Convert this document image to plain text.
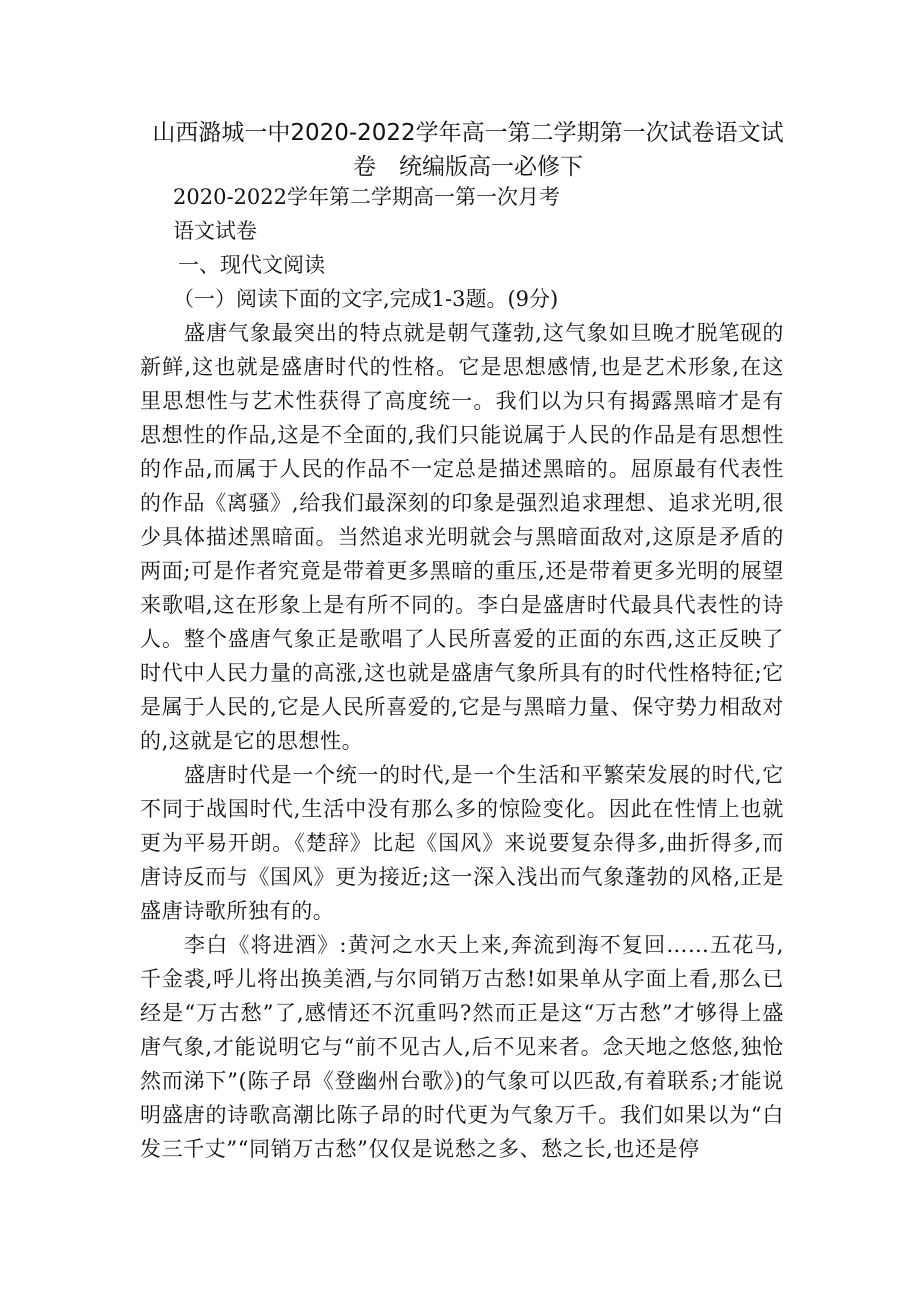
山西潞城一中2020-2022学年高一第二学期第一次试卷语文试卷　统编版高一必修下

2020-2022学年第二学期高一第一次月考

语文试卷

一、现代文阅读

（一）阅读下面的文字,完成1-3题。(9分)

盛唐气象最突出的特点就是朝气蓬勃,这气象如旦晚才脱笔砚的新鲜,这也就是盛唐时代的性格。它是思想感情,也是艺术形象,在这里思想性与艺术性获得了高度统一。我们以为只有揭露黑暗才是有思想性的作品,这是不全面的,我们只能说属于人民的作品是有思想性的作品,而属于人民的作品不一定总是描述黑暗的。屈原最有代表性的作品《离骚》,给我们最深刻的印象是强烈追求理想、追求光明,很少具体描述黑暗面。当然追求光明就会与黑暗面敌对,这原是矛盾的两面;可是作者究竟是带着更多黑暗的重压,还是带着更多光明的展望来歌唱,这在形象上是有所不同的。李白是盛唐时代最具代表性的诗人。整个盛唐气象正是歌唱了人民所喜爱的正面的东西,这正反映了时代中人民力量的高涨,这也就是盛唐气象所具有的时代性格特征;它是属于人民的,它是人民所喜爱的,它是与黑暗力量、保守势力相敌对的,这就是它的思想性。

盛唐时代是一个统一的时代,是一个生活和平繁荣发展的时代,它不同于战国时代,生活中没有那么多的惊险变化。因此在性情上也就更为平易开朗。《楚辞》比起《国风》来说要复杂得多,曲折得多,而唐诗反而与《国风》更为接近;这一深入浅出而气象蓬勃的风格,正是盛唐诗歌所独有的。

李白《将进酒》:黄河之水天上来,奔流到海不复回……五花马,千金裘,呼儿将出换美酒,与尔同销万古愁!如果单从字面上看,那么已经是“万古愁”了,感情还不沉重吗?然而正是这“万古愁”才够得上盛唐气象,才能说明它与“前不见古人,后不见来者。念天地之悠悠,独怆然而涕下”(陈子昂《登幽州台歌》)的气象可以匹敌,有着联系;才能说明盛唐的诗歌高潮比陈子昂的时代更为气象万千。我们如果以为“白发三千丈”“同销万古愁”仅仅是说愁之多、愁之长,也还是停
